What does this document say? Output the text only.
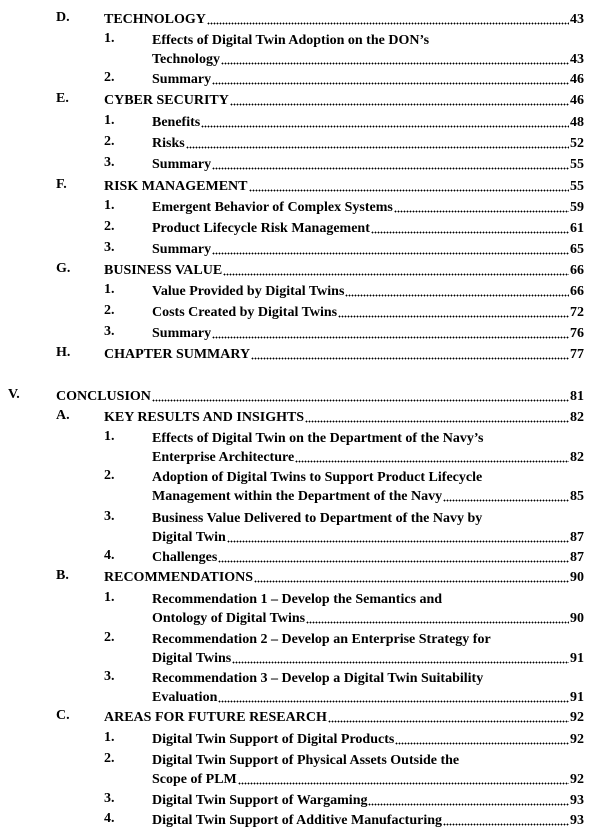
D. TECHNOLOGY	43
1.	Effects of Digital Twin Adoption on the DON’s
Technology	43
2.	Summary	46
E.	CYBER SECURITY	46
1.	Benefits	48
2.	Risks	52
3.	Summary	55
F.	RISK MANAGEMENT	55
1.	Emergent Behavior of Complex Systems	59
2.	Product Lifecycle Risk Management	61
3.	Summary	65
G. BUSINESS VALUE	66
1.	Value Provided by Digital Twins	66
2.	Costs Created by Digital Twins	72
3.	Summary	76
H. CHAPTER SUMMARY	77
V.	CONCLUSION	81
A. KEY RESULTS AND INSIGHTS	82
1.	Effects of Digital Twin on the Department of the Navy’s
Enterprise Architecture	82
2.	Adoption of Digital Twins to Support Product Lifecycle
Management within the Department of the Navy	85
3.	Business Value Delivered to Department of the Navy by
Digital Twin	87
4.	Challenges	87
B.	RECOMMENDATIONS	90
1.	Recommendation 1 – Develop the Semantics and
Ontology of Digital Twins	90
2.	Recommendation 2 – Develop an Enterprise Strategy for
Digital Twins	91
3.	Recommendation 3 – Develop a Digital Twin Suitability
Evaluation	91
C. AREAS FOR FUTURE RESEARCH	92
1.	Digital Twin Support of Digital Products	92
2.	Digital Twin Support of Physical Assets Outside the
Scope of PLM	92
3.	Digital Twin Support of Wargaming	93
4.	Digital Twin Support of Additive Manufacturing	93
